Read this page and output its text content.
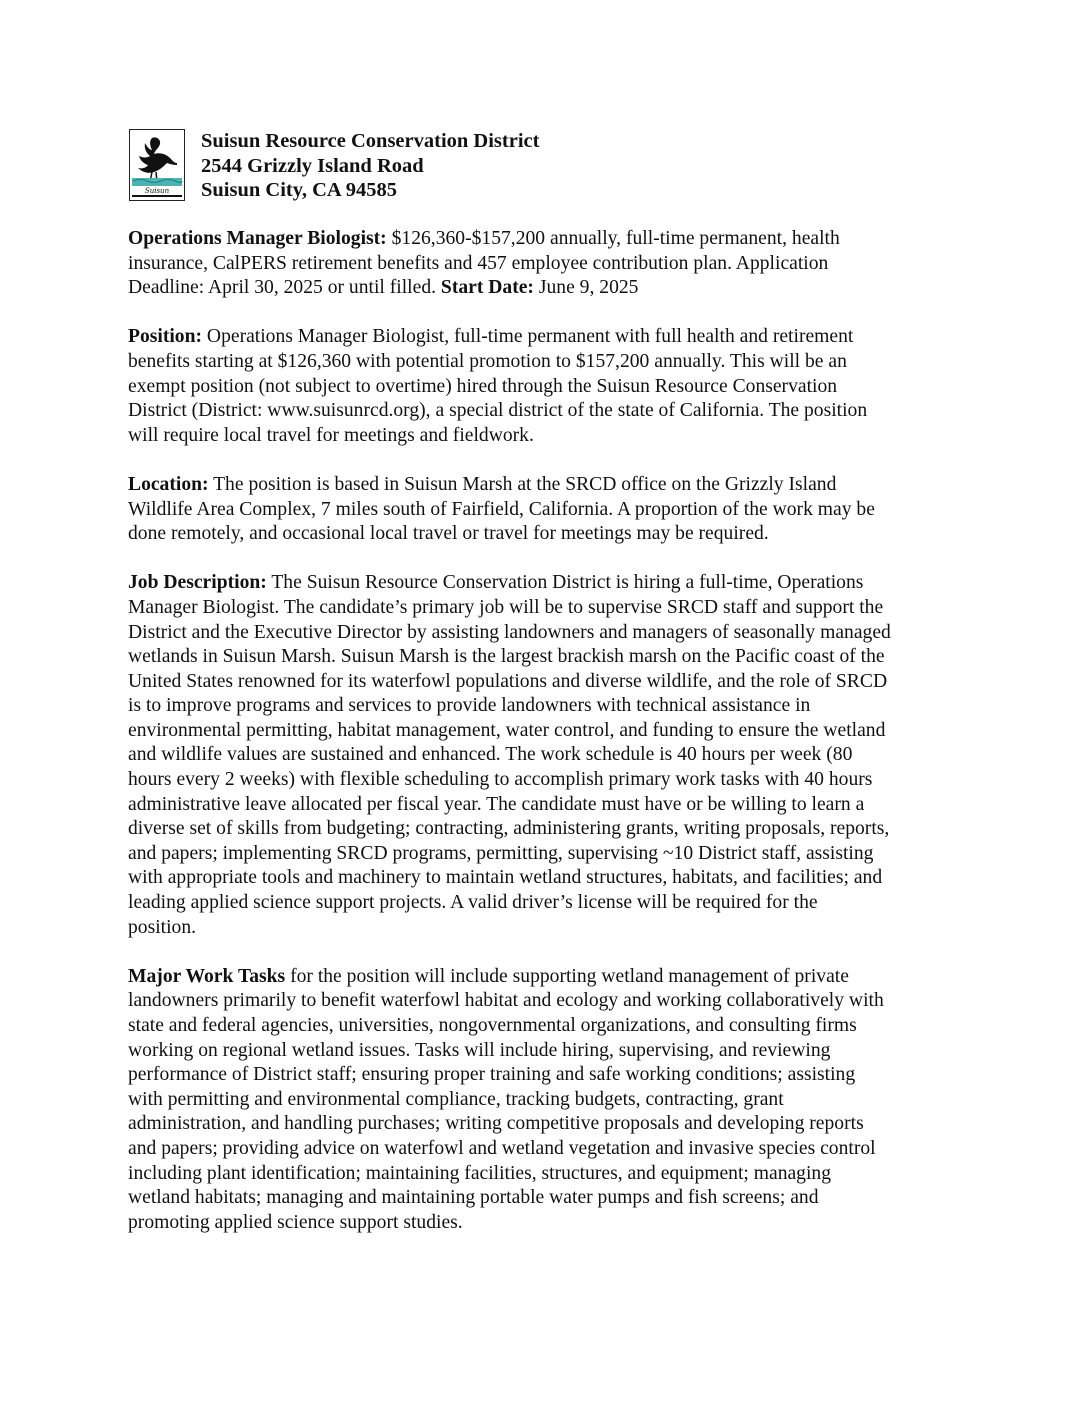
Suisun
Suisun Resource Conservation District
2544 Grizzly Island Road
Suisun City, CA 94585
Operations Manager Biologist: $126,360-$157,200 annually, full-time permanent, health
insurance, CalPERS retirement benefits and 457 employee contribution plan. Application
Deadline: April 30, 2025 or until filled. Start Date: June 9, 2025
Position: Operations Manager Biologist, full-time permanent with full health and retirement
benefits starting at $126,360 with potential promotion to $157,200 annually. This will be an
exempt position (not subject to overtime) hired through the Suisun Resource Conservation
District (District: www.suisunrcd.org), a special district of the state of California. The position
will require local travel for meetings and fieldwork.
Location: The position is based in Suisun Marsh at the SRCD office on the Grizzly Island
Wildlife Area Complex, 7 miles south of Fairfield, California. A proportion of the work may be
done remotely, and occasional local travel or travel for meetings may be required.
Job Description: The Suisun Resource Conservation District is hiring a full-time, Operations
Manager Biologist. The candidate’s primary job will be to supervise SRCD staff and support the
District and the Executive Director by assisting landowners and managers of seasonally managed
wetlands in Suisun Marsh. Suisun Marsh is the largest brackish marsh on the Pacific coast of the
United States renowned for its waterfowl populations and diverse wildlife, and the role of SRCD
is to improve programs and services to provide landowners with technical assistance in
environmental permitting, habitat management, water control, and funding to ensure the wetland
and wildlife values are sustained and enhanced. The work schedule is 40 hours per week (80
hours every 2 weeks) with flexible scheduling to accomplish primary work tasks with 40 hours
administrative leave allocated per fiscal year. The candidate must have or be willing to learn a
diverse set of skills from budgeting; contracting, administering grants, writing proposals, reports,
and papers; implementing SRCD programs, permitting, supervising ~10 District staff, assisting
with appropriate tools and machinery to maintain wetland structures, habitats, and facilities; and
leading applied science support projects. A valid driver’s license will be required for the
position.
Major Work Tasks for the position will include supporting wetland management of private
landowners primarily to benefit waterfowl habitat and ecology and working collaboratively with
state and federal agencies, universities, nongovernmental organizations, and consulting firms
working on regional wetland issues. Tasks will include hiring, supervising, and reviewing
performance of District staff; ensuring proper training and safe working conditions; assisting
with permitting and environmental compliance, tracking budgets, contracting, grant
administration, and handling purchases; writing competitive proposals and developing reports
and papers; providing advice on waterfowl and wetland vegetation and invasive species control
including plant identification; maintaining facilities, structures, and equipment; managing
wetland habitats; managing and maintaining portable water pumps and fish screens; and
promoting applied science support studies.
